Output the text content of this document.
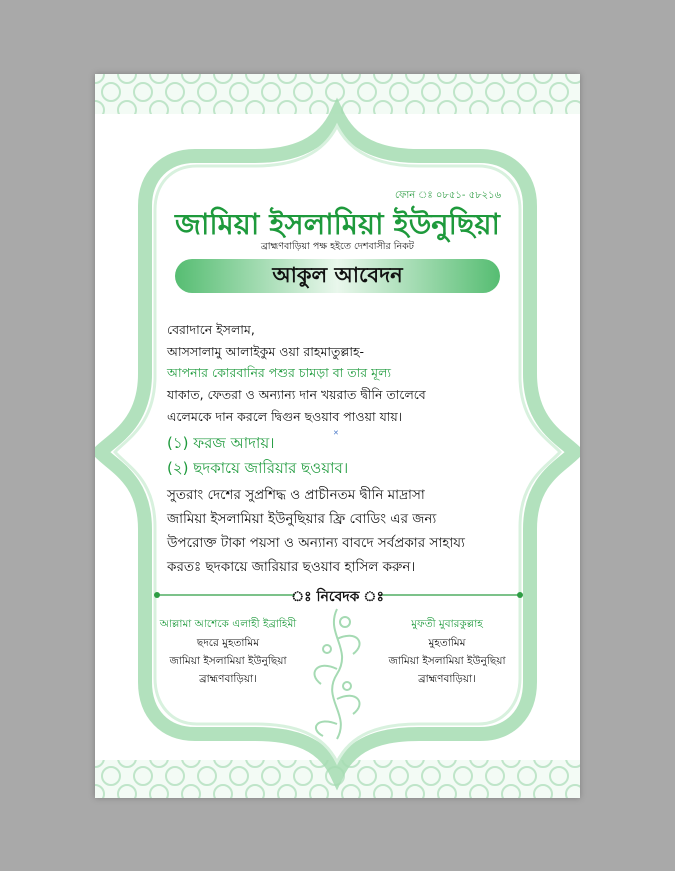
ফোন ঃ ০৮৫১- ৫৮২১৬
জামিয়া ইসলামিয়া ইউনুছিয়া
ব্রাহ্মণবাড়িয়া পক্ষ হইতে দেশবাসীর নিকট
আকুল আবেদন
বেরাদানে ইসলাম,
আসসালামু আলাইকুম ওয়া রাহমাতুল্লাহ-
আপনার কোরবানির পশুর চামড়া বা তার মূল্য
যাকাত, ফেতরা ও অন্যান্য দান খয়রাত দ্বীনি তালেবে
এলেমকে দান করলে দ্বিগুন ছওয়াব পাওয়া যায়।
(১) ফরজ আদায়।
(২) ছদকায়ে জারিয়ার ছওয়াব।
সুতরাং দেশের সুপ্রশিদ্ধ ও প্রাচীনতম দ্বীনি মাদ্রাসা
জামিয়া ইসলামিয়া ইউনুছিয়ার ফ্রি বোডিং এর জন্য
উপরোক্ত টাকা পয়সা ও অন্যান্য বাবদে সর্বপ্রকার সাহায্য
করতঃ ছদকায়ে জারিয়ার ছওয়াব হাসিল করুন।
ঃ নিবেদক ঃ
আল্লামা আশেকে এলাহী ইব্রাহিমী
ছদরে মুহতামিম
জামিয়া ইসলামিয়া ইউনুছিয়া
ব্রাহ্মণবাড়িয়া।
মুফতী মুবারকুল্লাহ
মুহতামিম
জামিয়া ইসলামিয়া ইউনুছিয়া
ব্রাহ্মণবাড়িয়া।
✕
